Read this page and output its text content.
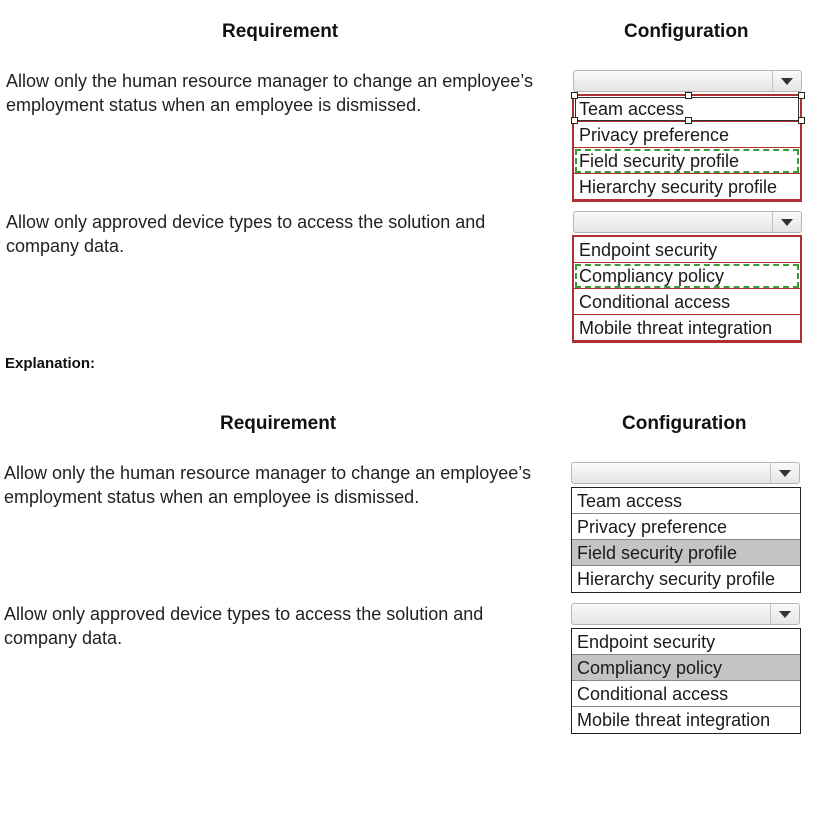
Requirement	Configuration
Allow only the human resource manager to change an employee’s
employment status when an employee is dismissed.	Team access
Privacy preference
Field security profile
Hierarchy security profile
Allow only approved device types to access the solution and
company data.	Endpoint security
Compliancy policy
Conditional access
Mobile threat integration
Explanation:
Requirement	Configuration
Allow only the human resource manager to change an employee’s
employment status when an employee is dismissed.	Team access
Privacy preference
Field security profile
Hierarchy security profile
Allow only approved device types to access the solution and
company data.	Endpoint security
Compliancy policy
Conditional access
Mobile threat integration
